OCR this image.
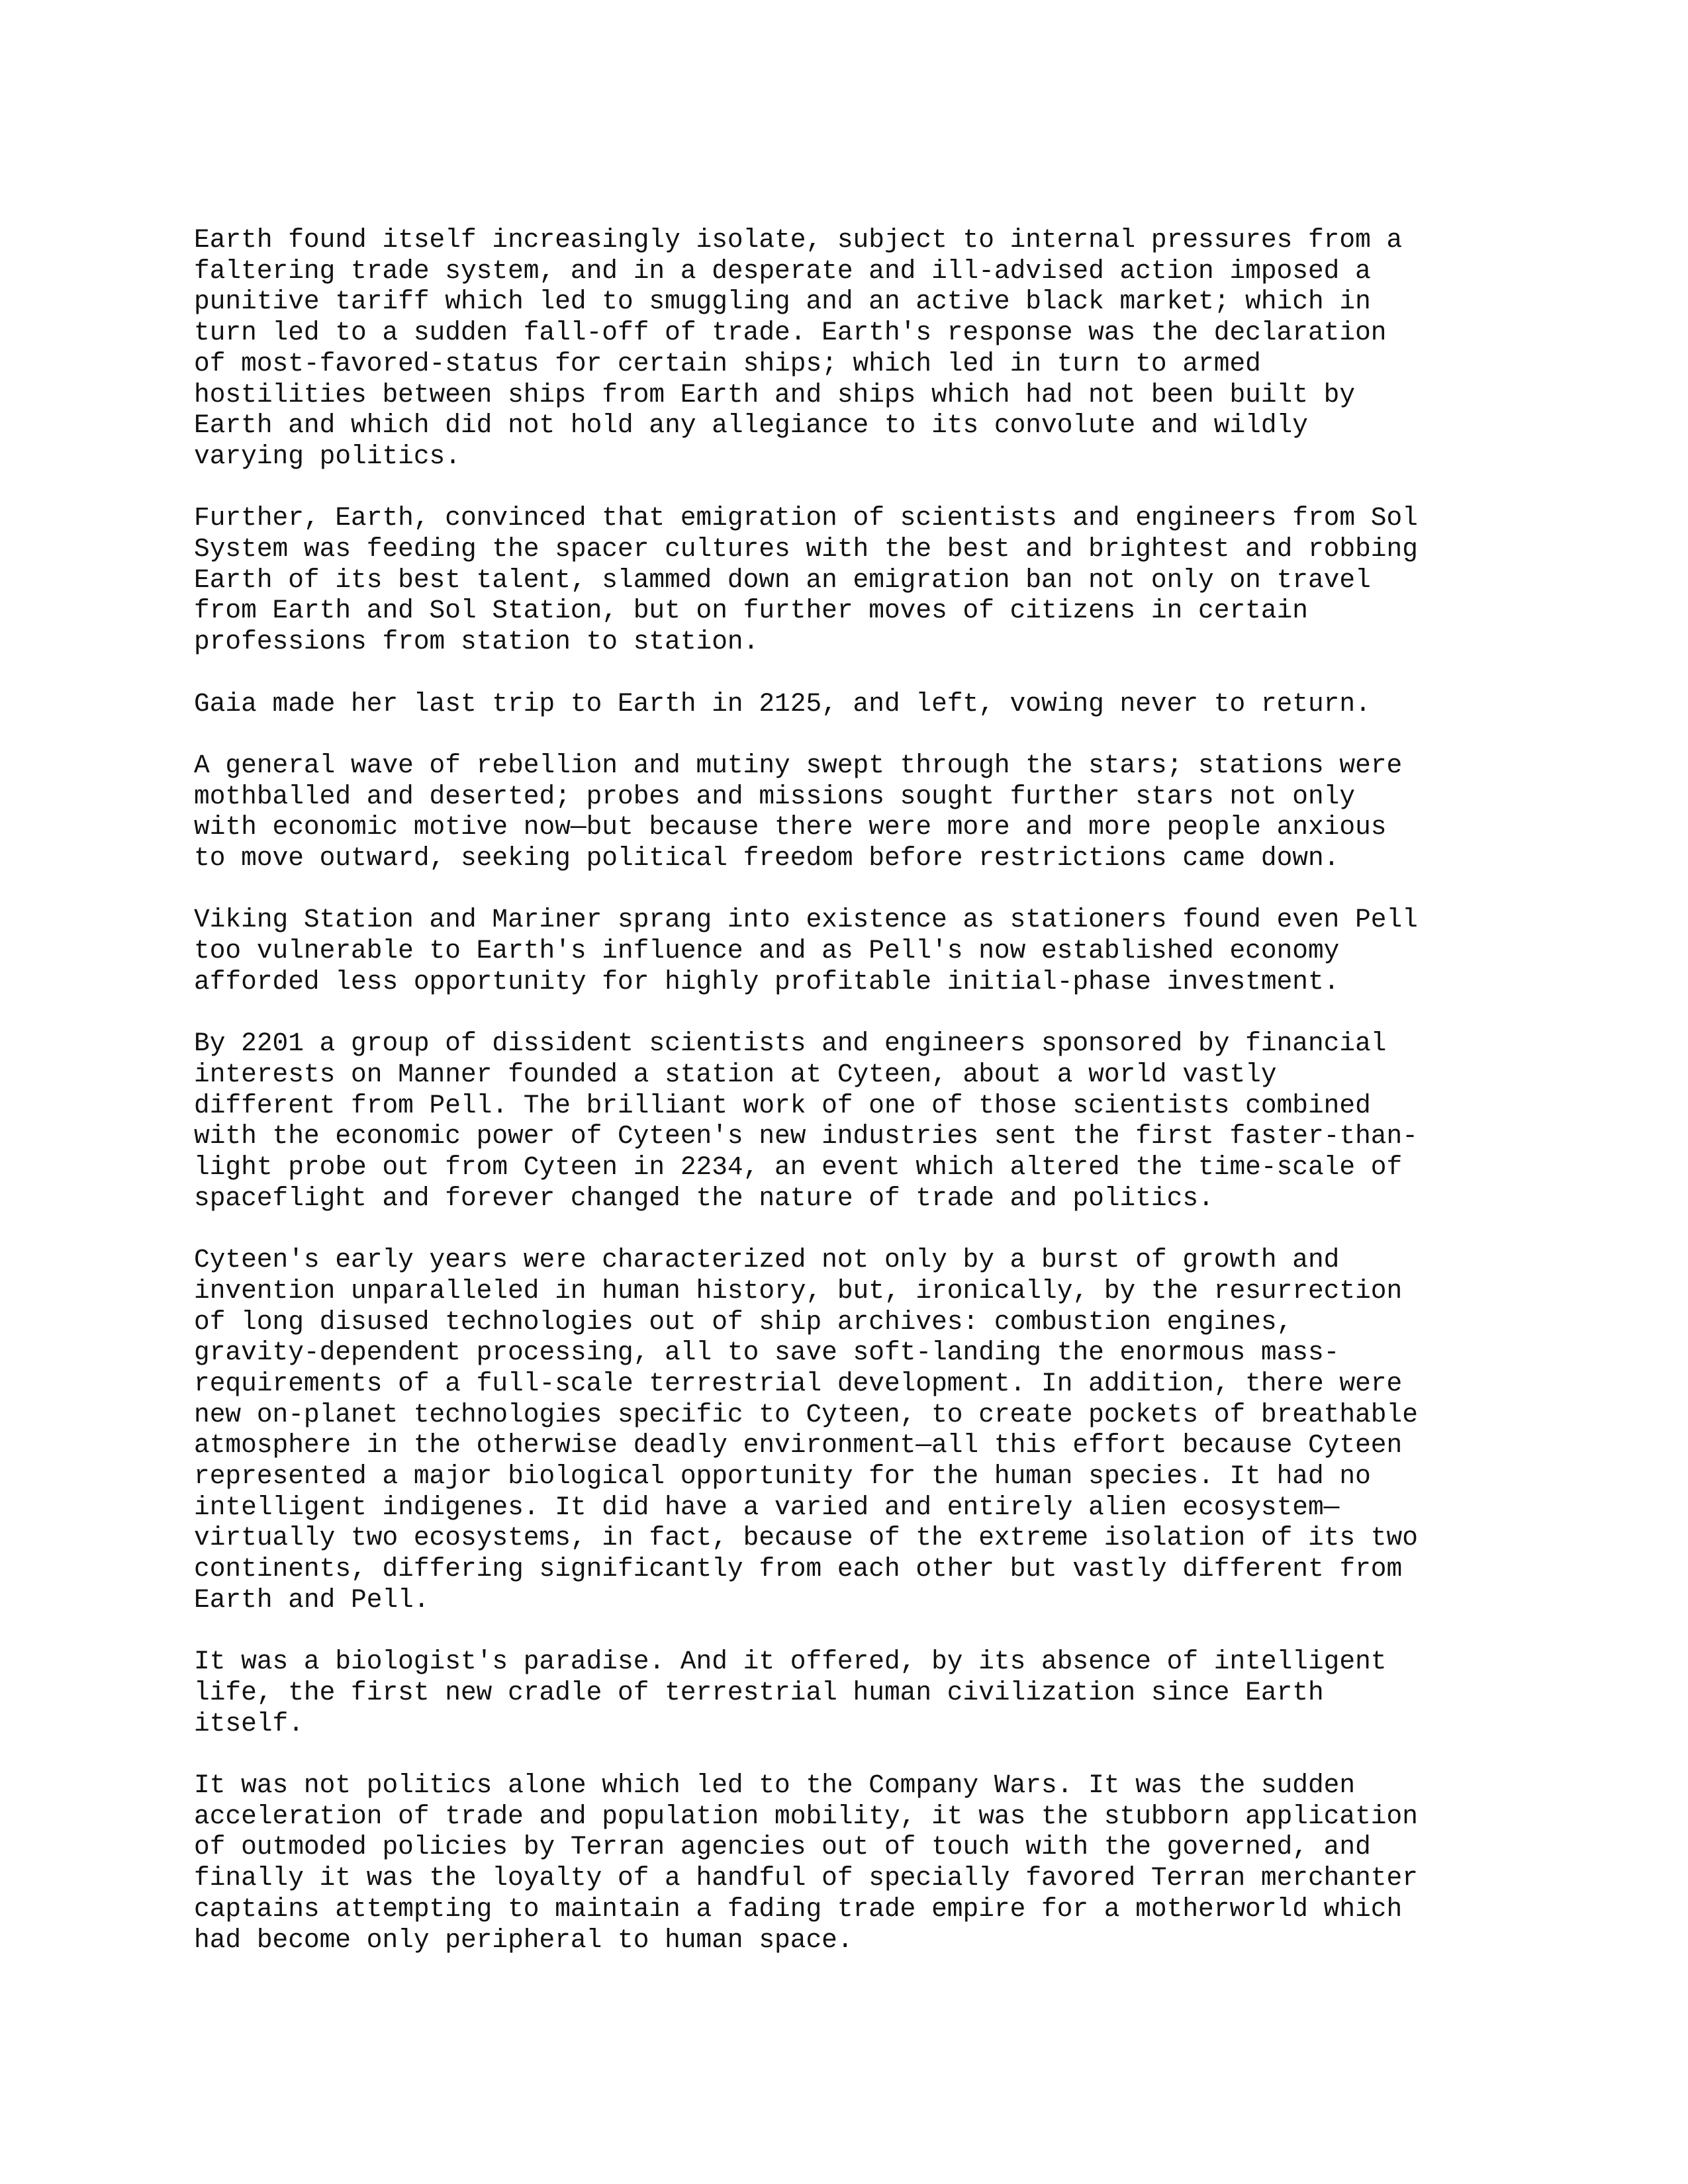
Earth found itself increasingly isolate, subject to internal pressures from a
faltering trade system, and in a desperate and ill-advised action imposed a
punitive tariff which led to smuggling and an active black market; which in
turn led to a sudden fall-off of trade. Earth's response was the declaration
of most-favored-status for certain ships; which led in turn to armed
hostilities between ships from Earth and ships which had not been built by
Earth and which did not hold any allegiance to its convolute and wildly
varying politics.
Further, Earth, convinced that emigration of scientists and engineers from Sol
System was feeding the spacer cultures with the best and brightest and robbing
Earth of its best talent, slammed down an emigration ban not only on travel
from Earth and Sol Station, but on further moves of citizens in certain
professions from station to station.
Gaia made her last trip to Earth in 2125, and left, vowing never to return.
A general wave of rebellion and mutiny swept through the stars; stations were
mothballed and deserted; probes and missions sought further stars not only
with economic motive now—but because there were more and more people anxious
to move outward, seeking political freedom before restrictions came down.
Viking Station and Mariner sprang into existence as stationers found even Pell
too vulnerable to Earth's influence and as Pell's now established economy
afforded less opportunity for highly profitable initial-phase investment.
By 2201 a group of dissident scientists and engineers sponsored by financial
interests on Manner founded a station at Cyteen, about a world vastly
different from Pell. The brilliant work of one of those scientists combined
with the economic power of Cyteen's new industries sent the first faster-than-
light probe out from Cyteen in 2234, an event which altered the time-scale of
spaceflight and forever changed the nature of trade and politics.
Cyteen's early years were characterized not only by a burst of growth and
invention unparalleled in human history, but, ironically, by the resurrection
of long disused technologies out of ship archives: combustion engines,
gravity-dependent processing, all to save soft-landing the enormous mass-
requirements of a full-scale terrestrial development. In addition, there were
new on-planet technologies specific to Cyteen, to create pockets of breathable
atmosphere in the otherwise deadly environment—all this effort because Cyteen
represented a major biological opportunity for the human species. It had no
intelligent indigenes. It did have a varied and entirely alien ecosystem—
virtually two ecosystems, in fact, because of the extreme isolation of its two
continents, differing significantly from each other but vastly different from
Earth and Pell.
It was a biologist's paradise. And it offered, by its absence of intelligent
life, the first new cradle of terrestrial human civilization since Earth
itself.
It was not politics alone which led to the Company Wars. It was the sudden
acceleration of trade and population mobility, it was the stubborn application
of outmoded policies by Terran agencies out of touch with the governed, and
finally it was the loyalty of a handful of specially favored Terran merchanter
captains attempting to maintain a fading trade empire for a motherworld which
had become only peripheral to human space.
